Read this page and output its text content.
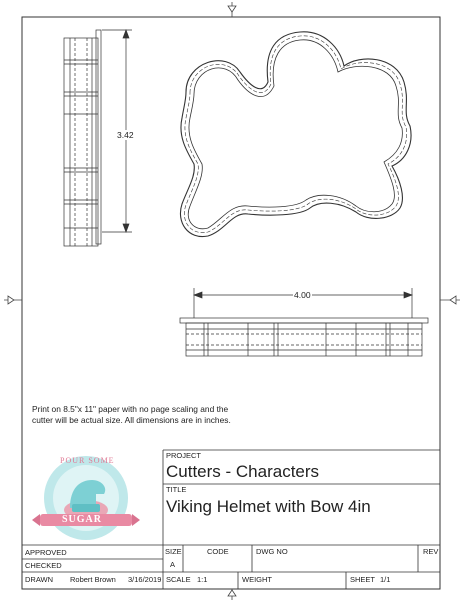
3.42
4.00
Print on 8.5"x 11" paper with no page scaling and the cutter will be actual size. All dimensions are in inches.
POUR SOME
SUGAR
PROJECT
Cutters - Characters
TITLE
Viking Helmet with Bow 4in
APPROVED
CHECKED
DRAWN Robert Brown 3/16/2019
SIZE
A
CODE	DWG NO	REV
SCALE 1:1	WEIGHT	SHEET 1/1
